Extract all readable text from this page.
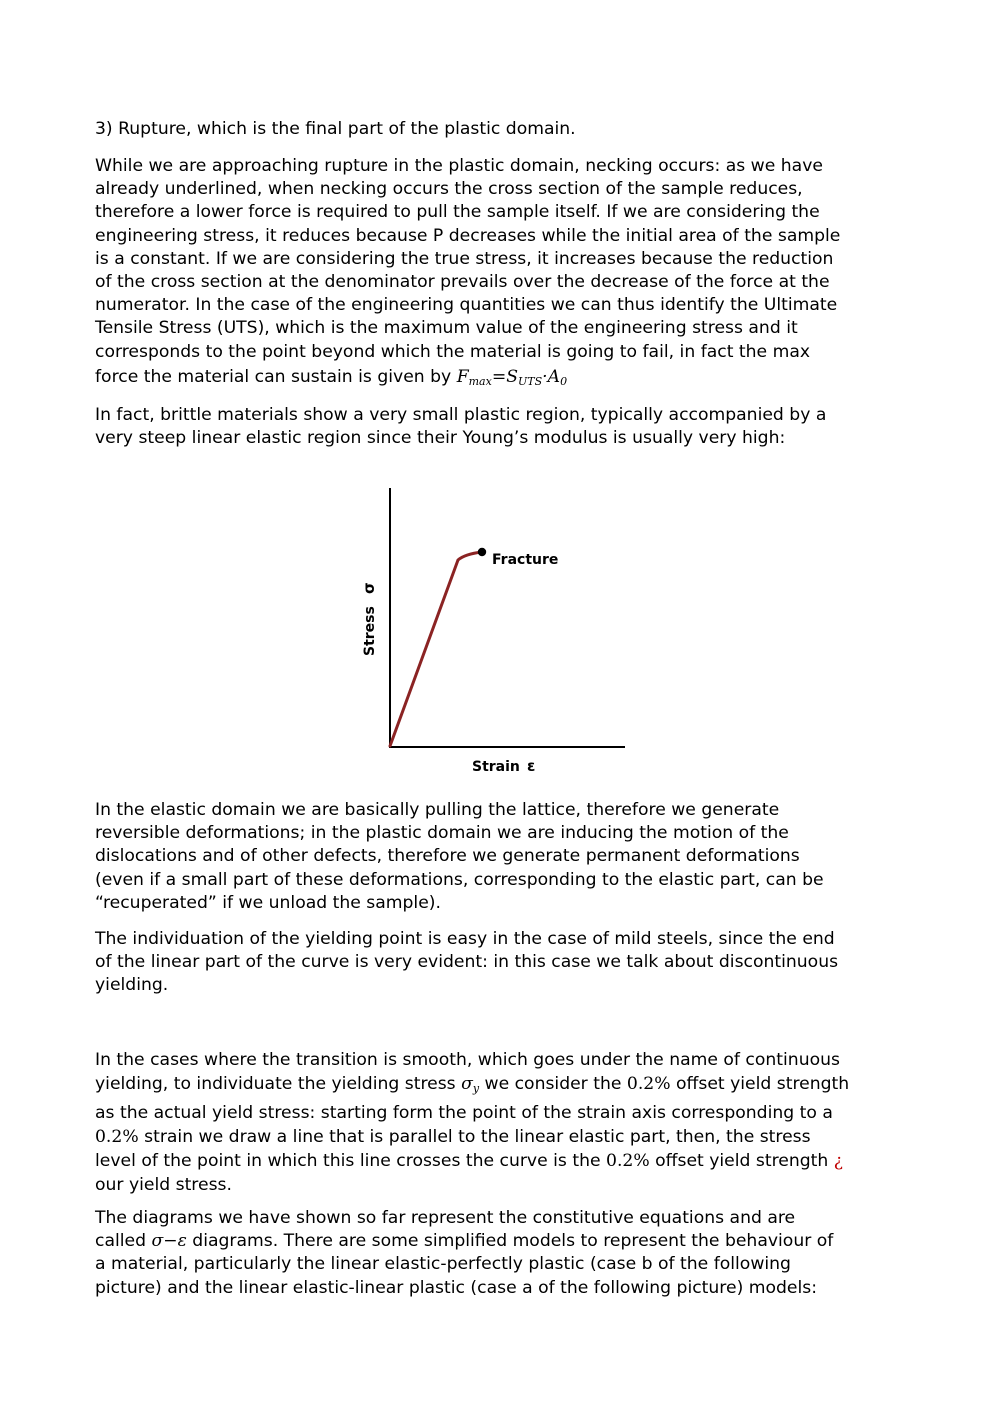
3) Rupture, which is the final part of the plastic domain.

While we are approaching rupture in the plastic domain, necking occurs: as we have
already underlined, when necking occurs the cross section of the sample reduces,
therefore a lower force is required to pull the sample itself. If we are considering the
engineering stress, it reduces because P decreases while the initial area of the sample
is a constant. If we are considering the true stress, it increases because the reduction
of the cross section at the denominator prevails over the decrease of the force at the
numerator. In the case of the engineering quantities we can thus identify the Ultimate
Tensile Stress (UTS), which is the maximum value of the engineering stress and it
corresponds to the point beyond which the material is going to fail, in fact the max
force the material can sustain is given by $F_{max}=S_{UTS}\cdot A_0$

In fact, brittle materials show a very small plastic region, typically accompanied by a
very steep linear elastic region since their Young’s modulus is usually very high:

Fracture
Stress
σ
Strain ε

In the elastic domain we are basically pulling the lattice, therefore we generate
reversible deformations; in the plastic domain we are inducing the motion of the
dislocations and of other defects, therefore we generate permanent deformations
(even if a small part of these deformations, corresponding to the elastic part, can be
“recuperated” if we unload the sample).

The individuation of the yielding point is easy in the case of mild steels, since the end
of the linear part of the curve is very evident: in this case we talk about discontinuous
yielding.

In the cases where the transition is smooth, which goes under the name of continuous
yielding, to individuate the yielding stress $\sigma_y$ we consider the 0.2% offset yield strength
as the actual yield stress: starting form the point of the strain axis corresponding to a
0.2% strain we draw a line that is parallel to the linear elastic part, then, the stress
level of the point in which this line crosses the curve is the 0.2% offset yield strength ¿
our yield stress.

The diagrams we have shown so far represent the constitutive equations and are
called σ−ε diagrams. There are some simplified models to represent the behaviour of
a material, particularly the linear elastic-perfectly plastic (case b of the following
picture) and the linear elastic-linear plastic (case a of the following picture) models:
